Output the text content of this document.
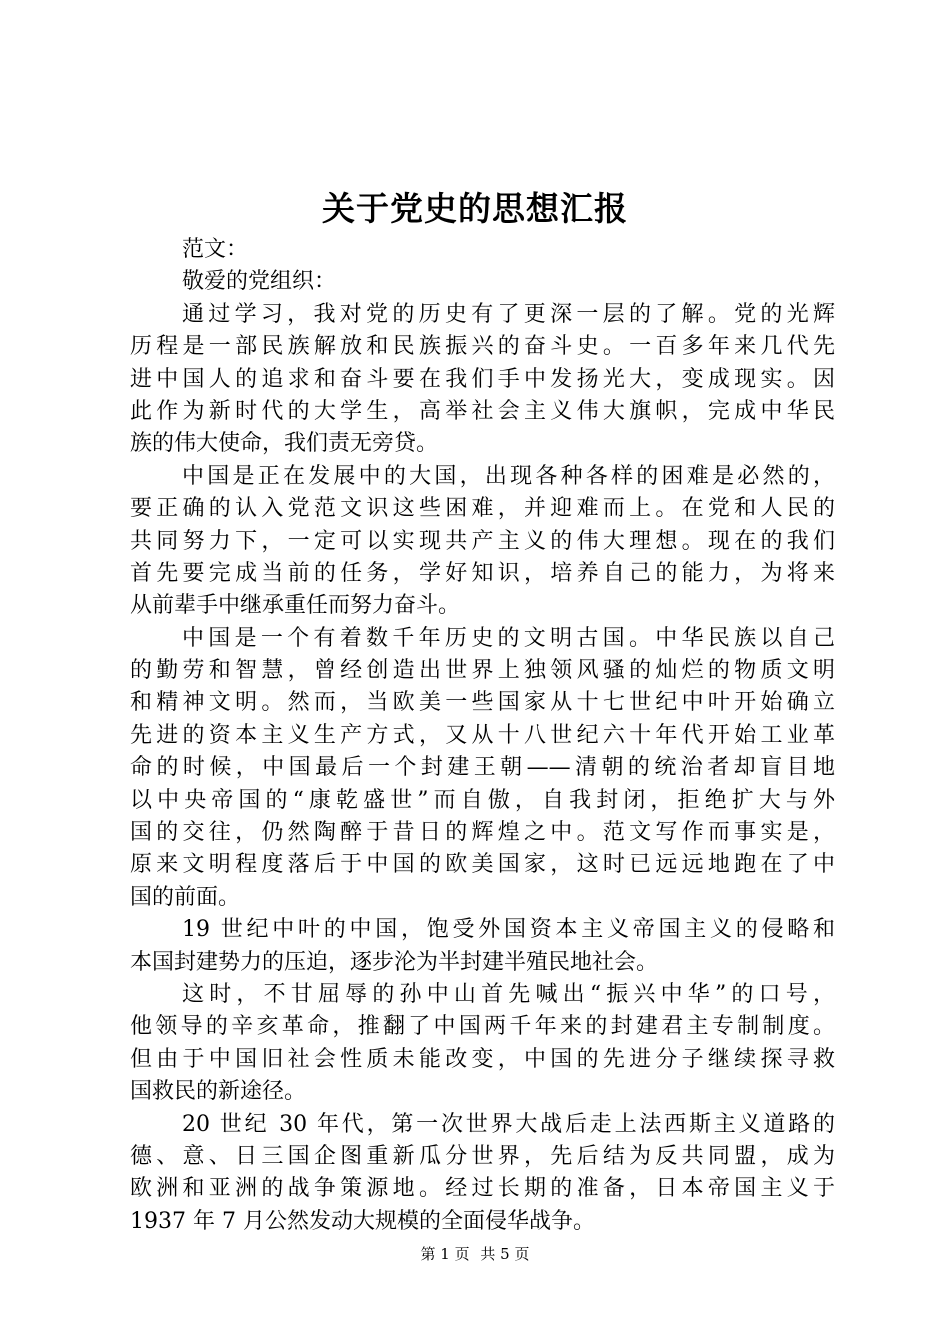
关于党史的思想汇报
范文：
敬爱的党组织：
通过学习，我对党的历史有了更深一层的了解。党的光辉
历程是一部民族解放和民族振兴的奋斗史。一百多年来几代先
进中国人的追求和奋斗要在我们手中发扬光大，变成现实。因
此作为新时代的大学生，高举社会主义伟大旗帜，完成中华民
族的伟大使命，我们责无旁贷。
中国是正在发展中的大国，出现各种各样的困难是必然的，
要正确的认入党范文识这些困难，并迎难而上。在党和人民的
共同努力下，一定可以实现共产主义的伟大理想。现在的我们
首先要完成当前的任务，学好知识，培养自己的能力，为将来
从前辈手中继承重任而努力奋斗。
中国是一个有着数千年历史的文明古国。中华民族以自己
的勤劳和智慧，曾经创造出世界上独领风骚的灿烂的物质文明
和精神文明。然而，当欧美一些国家从十七世纪中叶开始确立
先进的资本主义生产方式，又从十八世纪六十年代开始工业革
命的时候，中国最后一个封建王朝——清朝的统治者却盲目地
以中央帝国的“康乾盛世”而自傲，自我封闭，拒绝扩大与外
国的交往，仍然陶醉于昔日的辉煌之中。范文写作而事实是，
原来文明程度落后于中国的欧美国家，这时已远远地跑在了中
国的前面。
19 世纪中叶的中国，饱受外国资本主义帝国主义的侵略和
本国封建势力的压迫，逐步沦为半封建半殖民地社会。
这时，不甘屈辱的孙中山首先喊出“振兴中华”的口号，
他领导的辛亥革命，推翻了中国两千年来的封建君主专制制度。
但由于中国旧社会性质未能改变，中国的先进分子继续探寻救
国救民的新途径。
20 世纪 30 年代，第一次世界大战后走上法西斯主义道路的
德、意、日三国企图重新瓜分世界，先后结为反共同盟，成为
欧洲和亚洲的战争策源地。经过长期的准备，日本帝国主义于
1937 年 7 月公然发动大规模的全面侵华战争。
第 1 页 共 5 页
